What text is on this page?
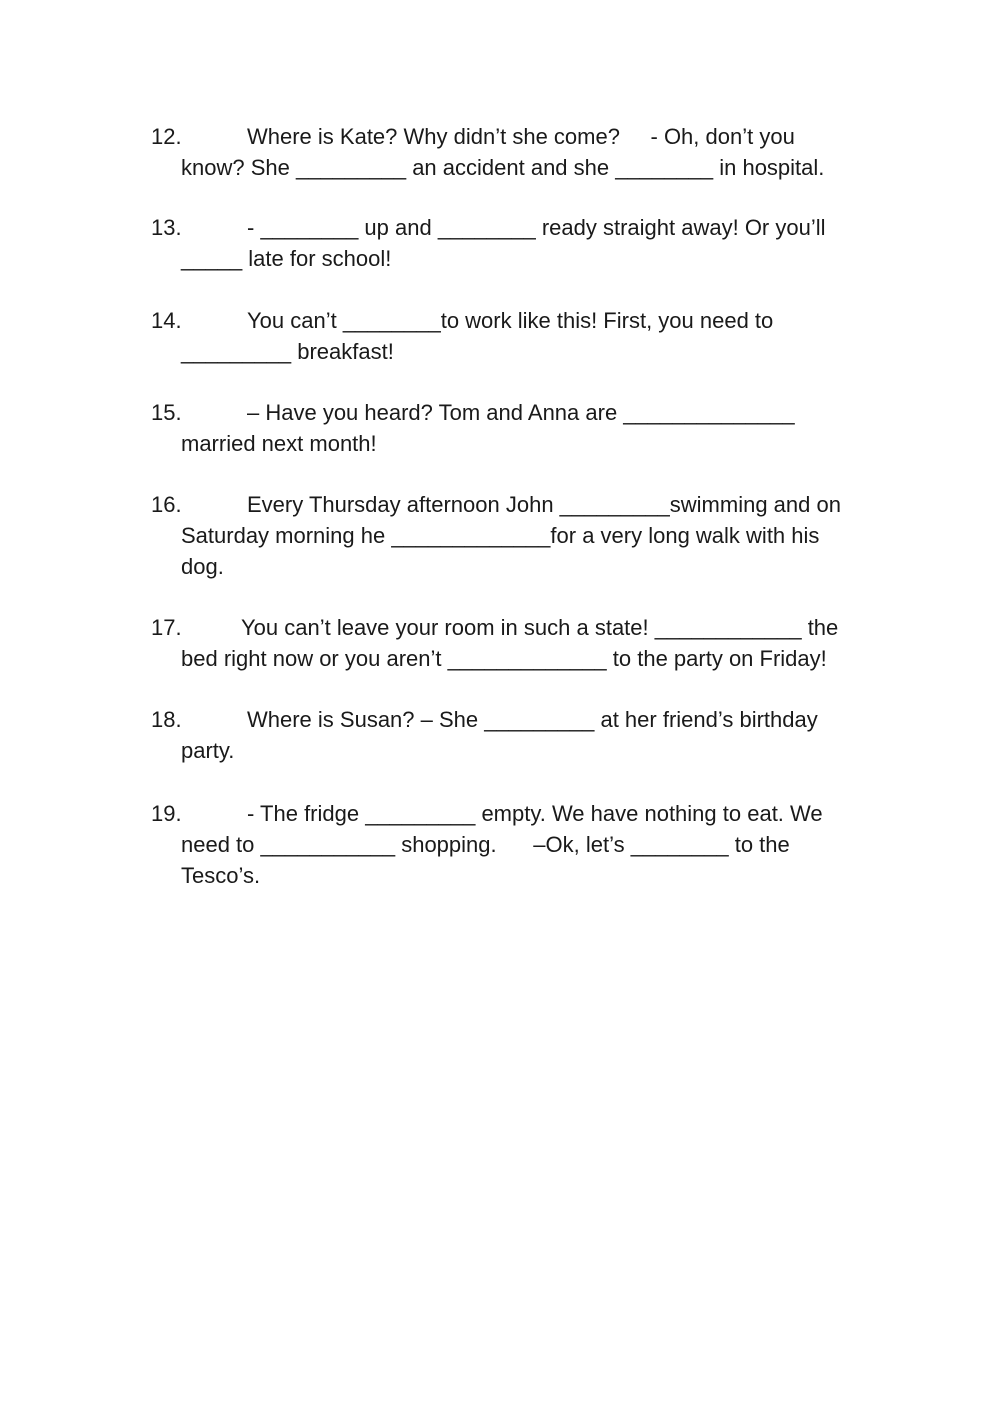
12.	Where is Kate? Why didn’t she come?     - Oh, don’t you
know? She _________ an accident and she ________ in hospital.
13.	- ________ up and ________ ready straight away! Or you’ll
_____ late for school!
14.	You can’t ________to work like this! First, you need to
_________ breakfast!
15.	– Have you heard? Tom and Anna are ______________
married next month!
16.	Every Thursday afternoon John _________swimming and on
Saturday morning he _____________for a very long walk with his
dog.
17.	You can’t leave your room in such a state! ____________ the
bed right now or you aren’t _____________ to the party on Friday!
18.	Where is Susan? – She _________ at her friend’s birthday
party.
19.	- The fridge _________ empty. We have nothing to eat. We
need to ___________ shopping.      –Ok, let’s ________ to the
Tesco’s.
